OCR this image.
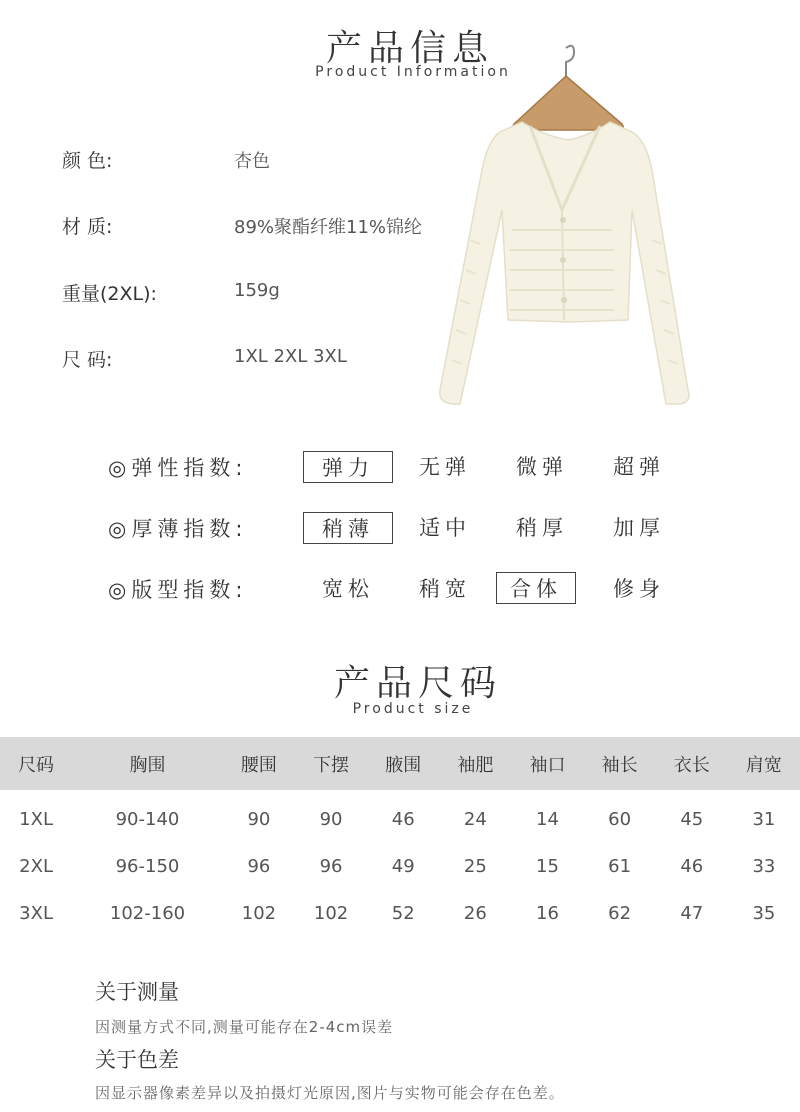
产品信息
Product Information
颜 色:	杏色
材 质:	89%聚酯纤维11%锦纶
重量(2XL):	159g
尺 码:	1XL 2XL 3XL
◎弹性指数:	弹力	无弹	微弹	超弹
◎厚薄指数:	稍薄	适中	稍厚	加厚
◎版型指数:	宽松	稍宽	合体	修身
产品尺码
Product size
尺码	胸围	腰围	下摆	腋围	袖肥	袖口	袖长	衣长	肩宽
1XL	90-140	90	90	46	24	14	60	45	31
2XL	96-150	96	96	49	25	15	61	46	33
3XL	102-160	102	102	52	26	16	62	47	35
关于测量
因测量方式不同,测量可能存在2-4cm误差
关于色差
因显示器像素差异以及拍摄灯光原因,图片与实物可能会存在色差。
